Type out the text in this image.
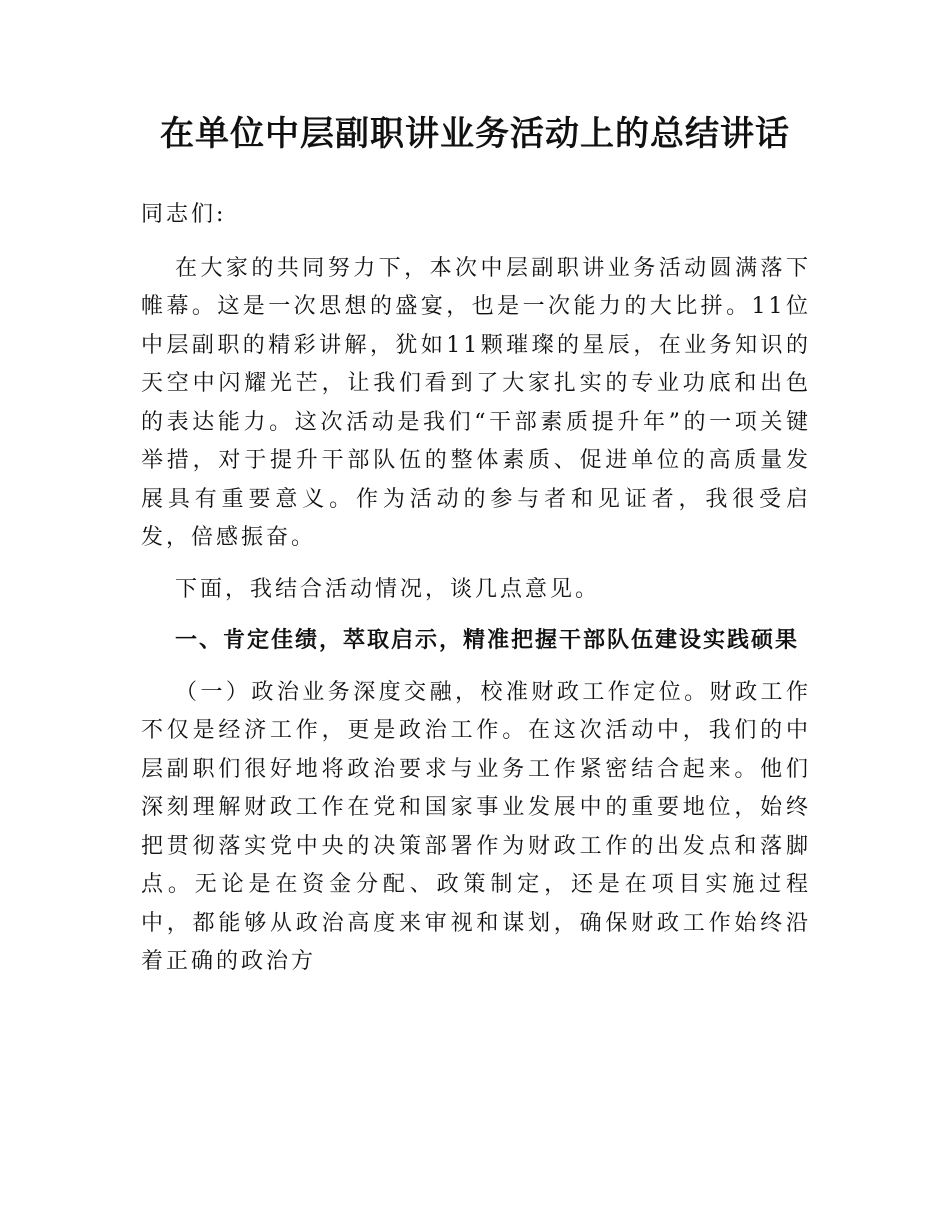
在单位中层副职讲业务活动上的总结讲话

同志们:

在大家的共同努力下，本次中层副职讲业务活动圆满落下帷幕。这是一次思想的盛宴，也是一次能力的大比拼。11位中层副职的精彩讲解，犹如11颗璀璨的星辰，在业务知识的天空中闪耀光芒，让我们看到了大家扎实的专业功底和出色的表达能力。这次活动是我们“干部素质提升年”的一项关键举措，对于提升干部队伍的整体素质、促进单位的高质量发展具有重要意义。作为活动的参与者和见证者，我很受启发，倍感振奋。

下面，我结合活动情况，谈几点意见。

一、肯定佳绩，萃取启示，精准把握干部队伍建设实践硕果

（一）政治业务深度交融，校准财政工作定位。财政工作不仅是经济工作，更是政治工作。在这次活动中，我们的中层副职们很好地将政治要求与业务工作紧密结合起来。他们深刻理解财政工作在党和国家事业发展中的重要地位，始终把贯彻落实党中央的决策部署作为财政工作的出发点和落脚点。无论是在资金分配、政策制定，还是在项目实施过程中，都能够从政治高度来审视和谋划，确保财政工作始终沿着正确的政治方
